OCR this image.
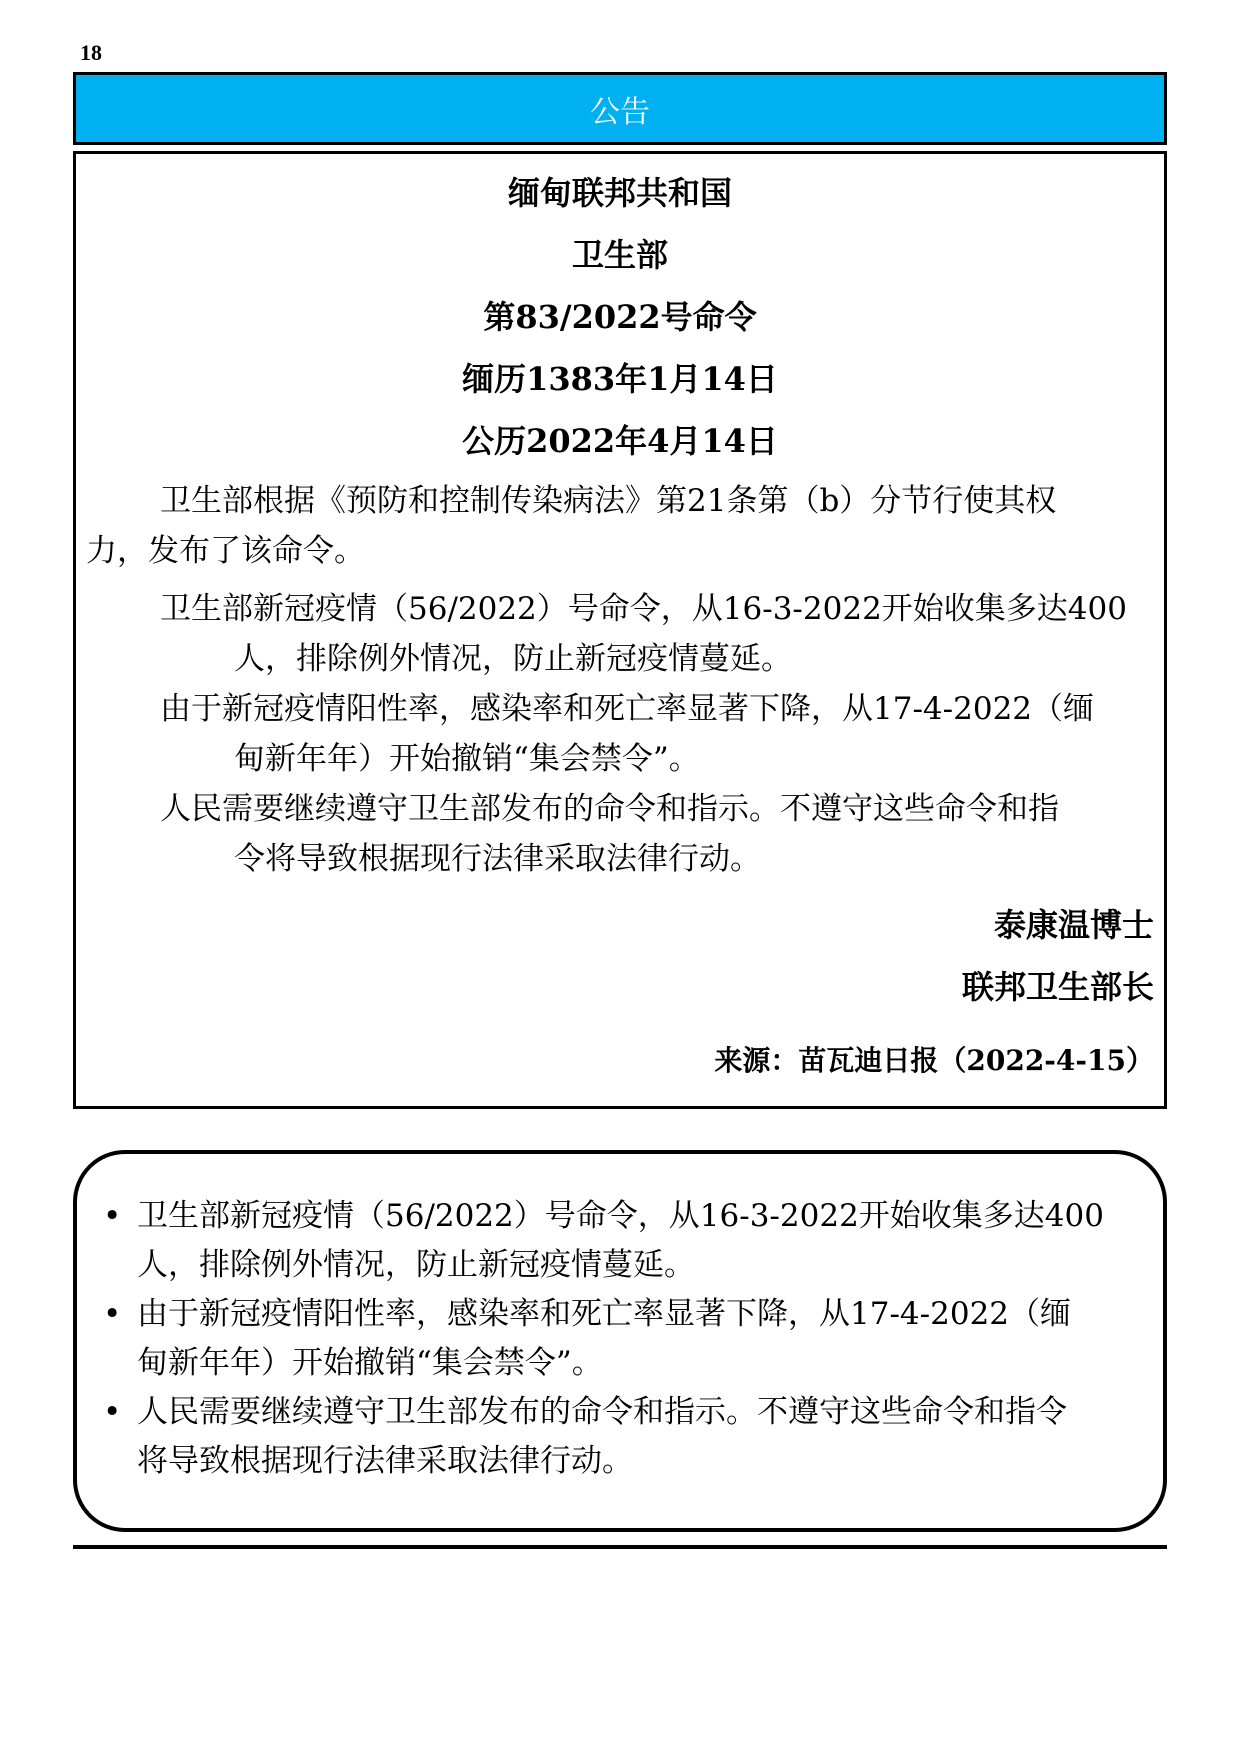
18
公告
缅甸联邦共和国
卫生部
第83/2022号命令
缅历1383年1月14日
公历2022年4月14日
卫生部根据《预防和控制传染病法》第21条第（b）分节行使其权
力，发布了该命令。
卫生部新冠疫情（56/2022）号命令，从16-3-2022开始收集多达400
人，排除例外情况，防止新冠疫情蔓延。
由于新冠疫情阳性率，感染率和死亡率显著下降，从17-4-2022（缅
甸新年年）开始撤销“集会禁令”。
人民需要继续遵守卫生部发布的命令和指示。不遵守这些命令和指
令将导致根据现行法律采取法律行动。
泰康温博士
联邦卫生部长
来源：苗瓦迪日报（2022-4-15）
• 卫生部新冠疫情（56/2022）号命令，从16-3-2022开始收集多达400
人，排除例外情况，防止新冠疫情蔓延。
• 由于新冠疫情阳性率，感染率和死亡率显著下降，从17-4-2022（缅
甸新年年）开始撤销“集会禁令”。
• 人民需要继续遵守卫生部发布的命令和指示。不遵守这些命令和指令
将导致根据现行法律采取法律行动。
